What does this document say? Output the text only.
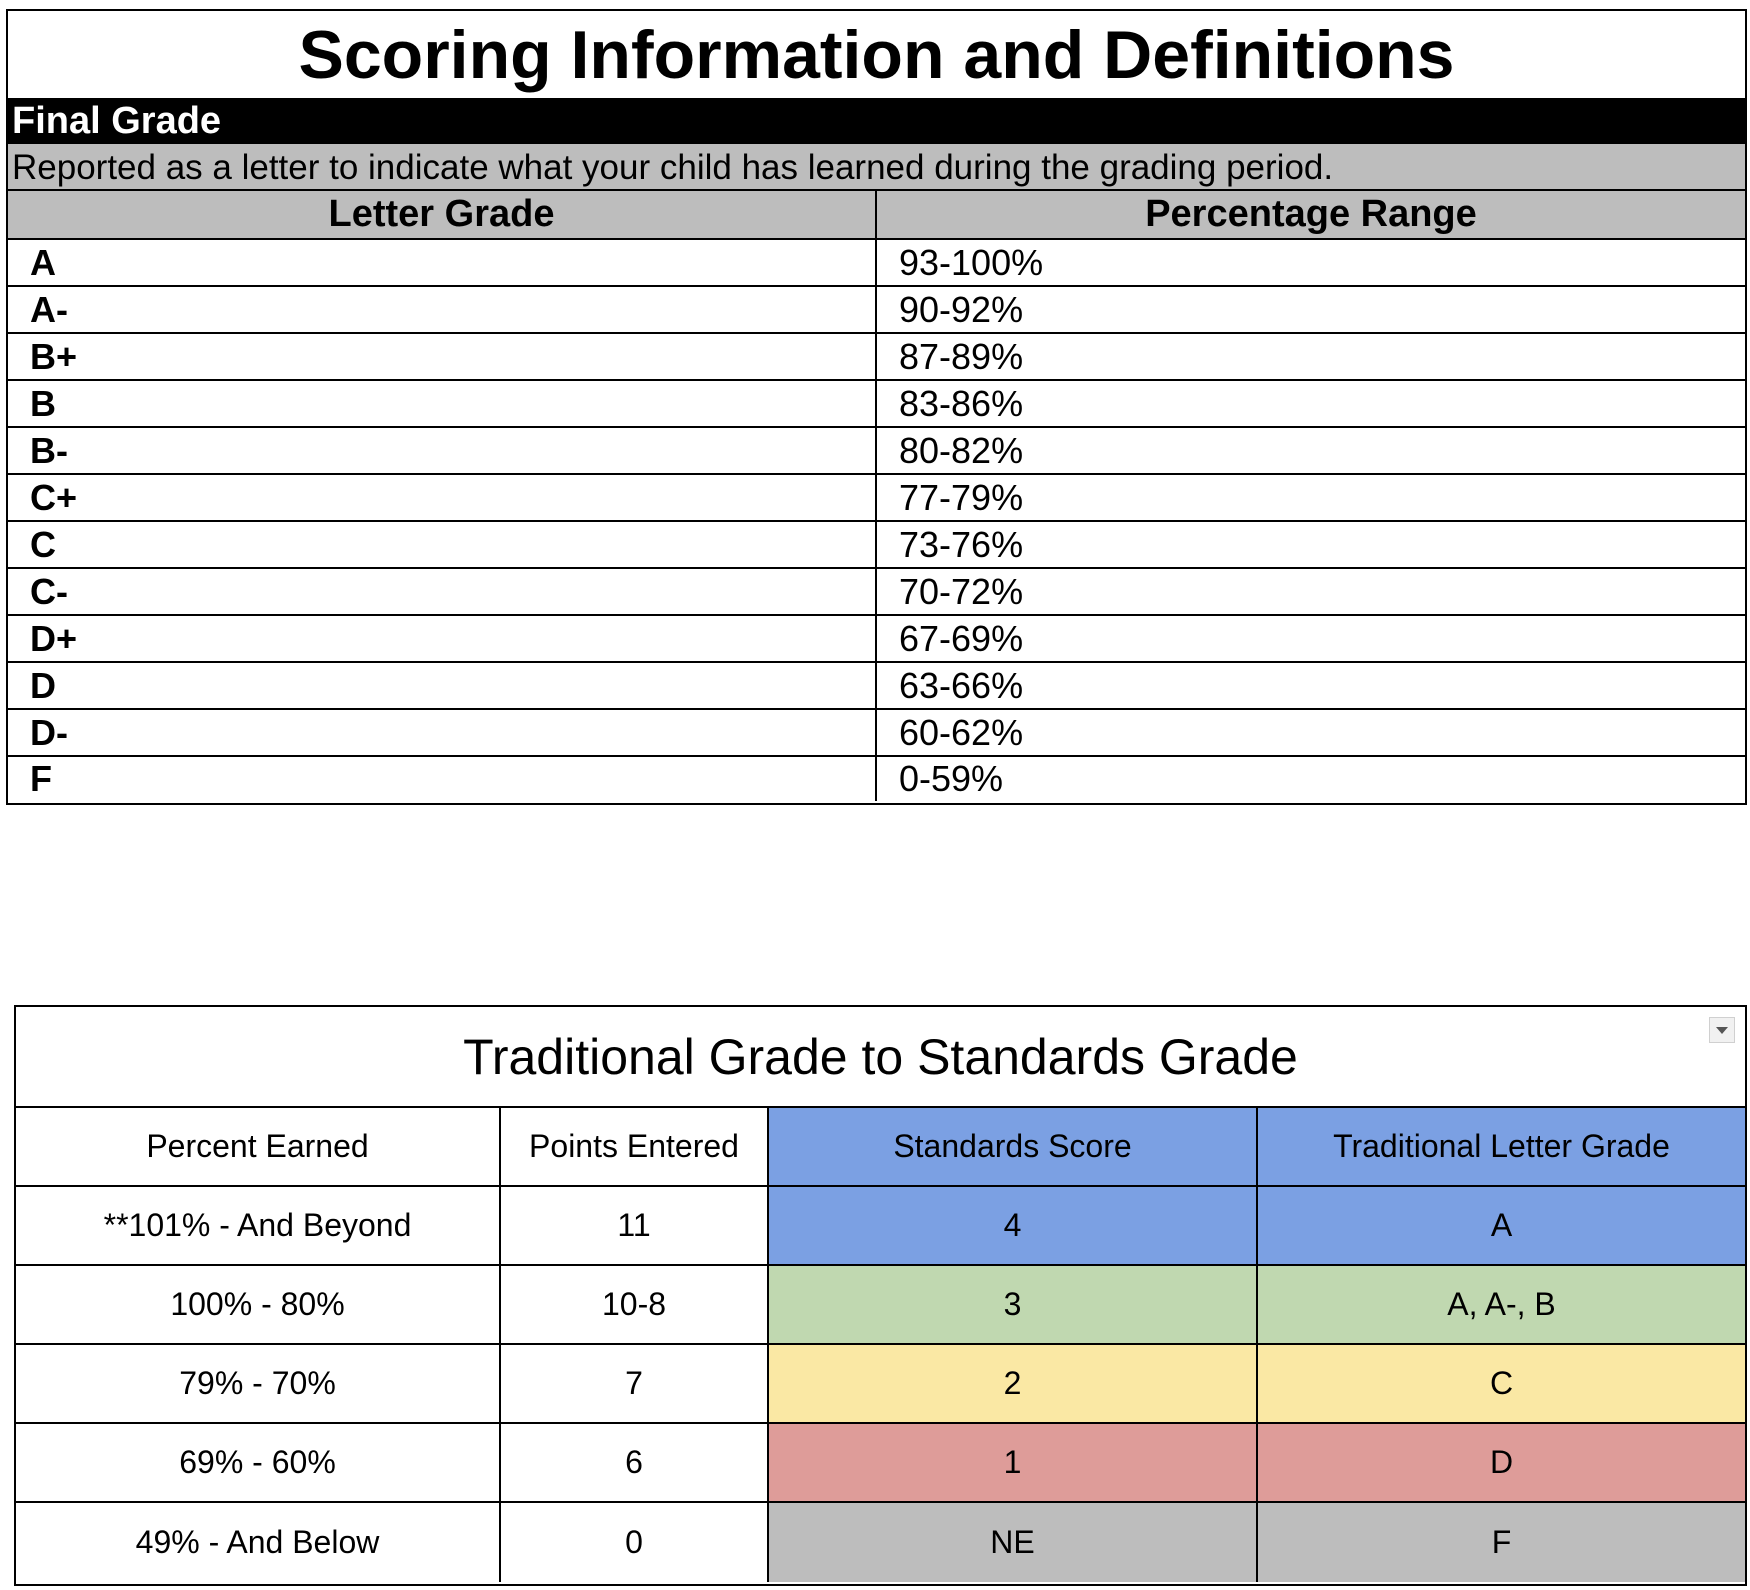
Scoring Information and Definitions
Final Grade
Reported as a letter to indicate what your child has learned during the grading period.
Letter Grade	Percentage Range
A	93-100%
A-	90-92%
B+	87-89%
B	83-86%
B-	80-82%
C+	77-79%
C	73-76%
C-	70-72%
D+	67-69%
D	63-66%
D-	60-62%
F	0-59%
Traditional Grade to Standards Grade
Percent Earned	Points Entered	Standards Score	Traditional Letter Grade
**101% - And Beyond	11	4	A
100% - 80%	10-8	3	A, A-, B
79% - 70%	7	2	C
69% - 60%	6	1	D
49% - And Below	0	NE	F
